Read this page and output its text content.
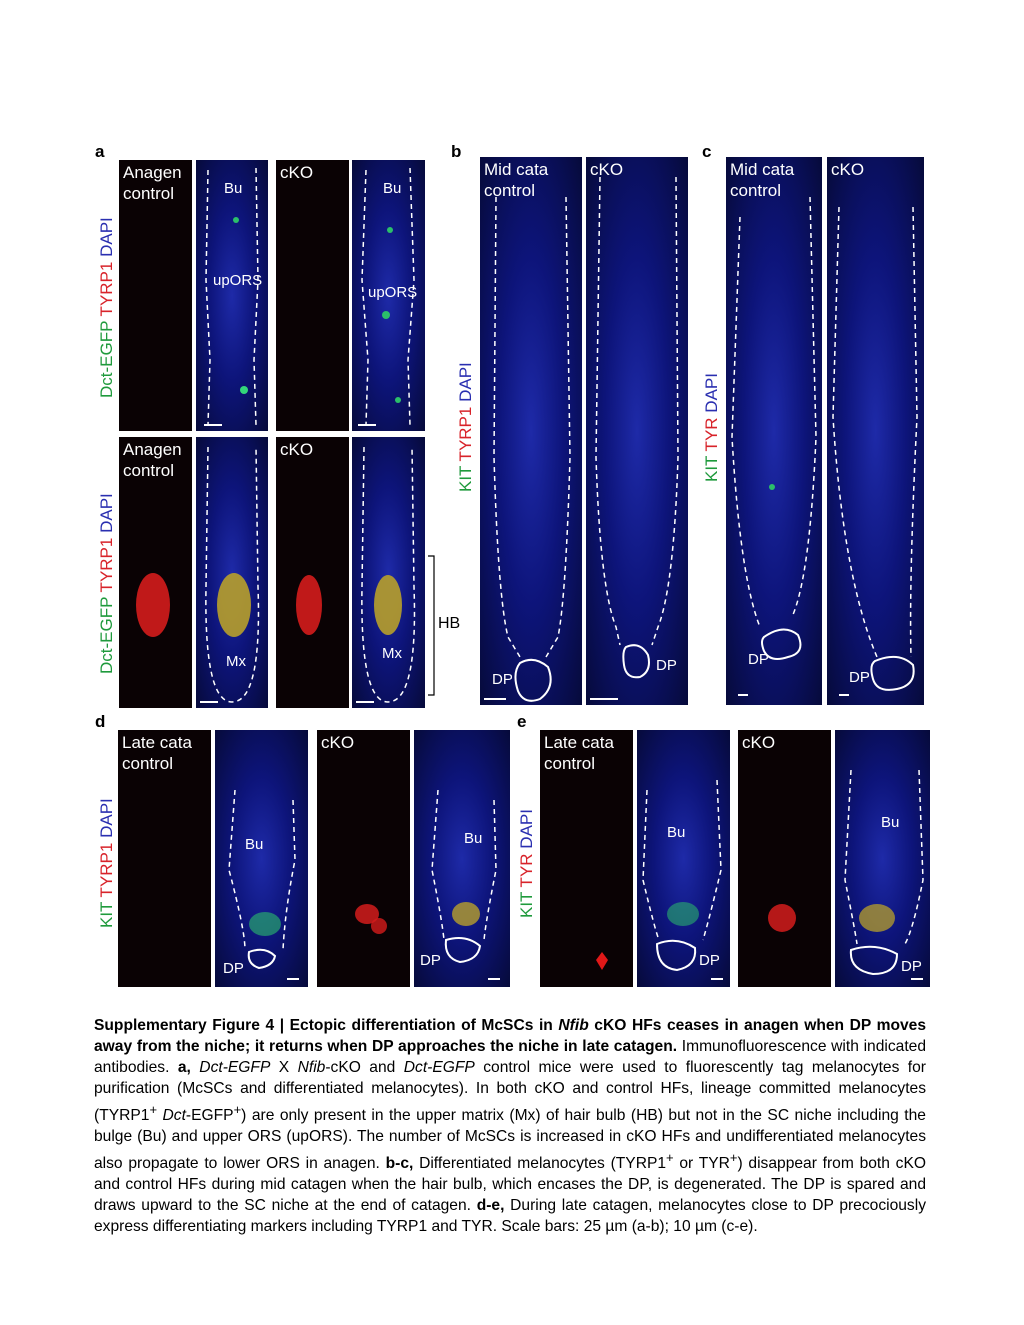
a	b	c
d	e
Dct-EGFP TYRP1 DAPI
Dct-EGFP TYRP1 DAPI
KIT TYRP1 DAPI
KIT TYR DAPI
KIT TYRP1 DAPI
KIT TYR DAPI
Anagen
control	Bu
upORS
cKO
Bu
upORS
Anagen
control
Mx
cKO
Mx
HB
Mid cata
control
DP
cKO
DP
Mid cata
control
DP
cKO
DP
Late cata
control
Bu
DP
cKO
Bu
DP
Late cata
control
Bu
DP
cKO
Bu
DP
Supplementary Figure 4 | Ectopic differentiation of McSCs in Nfib cKO HFs ceases in anagen when DP moves away from the niche; it returns when DP approaches the niche in late catagen. Immunofluorescence with indicated antibodies. a, Dct-EGFP X Nfib-cKO and Dct-EGFP control mice were used to fluorescently tag melanocytes for purification (McSCs and differentiated melanocytes). In both cKO and control HFs, lineage committed melanocytes (TYRP1+ Dct-EGFP+) are only present in the upper matrix (Mx) of hair bulb (HB) but not in the SC niche including the bulge (Bu) and upper ORS (upORS). The number of McSCs is increased in cKO HFs and undifferentiated melanocytes also propagate to lower ORS in anagen. b-c, Differentiated melanocytes (TYRP1+ or TYR+) disappear from both cKO and control HFs during mid catagen when the hair bulb, which encases the DP, is degenerated. The DP is spared and draws upward to the SC niche at the end of catagen. d-e, During late catagen, melanocytes close to DP precociously express differentiating markers including TYRP1 and TYR. Scale bars: 25 µm (a-b); 10 µm (c-e).
